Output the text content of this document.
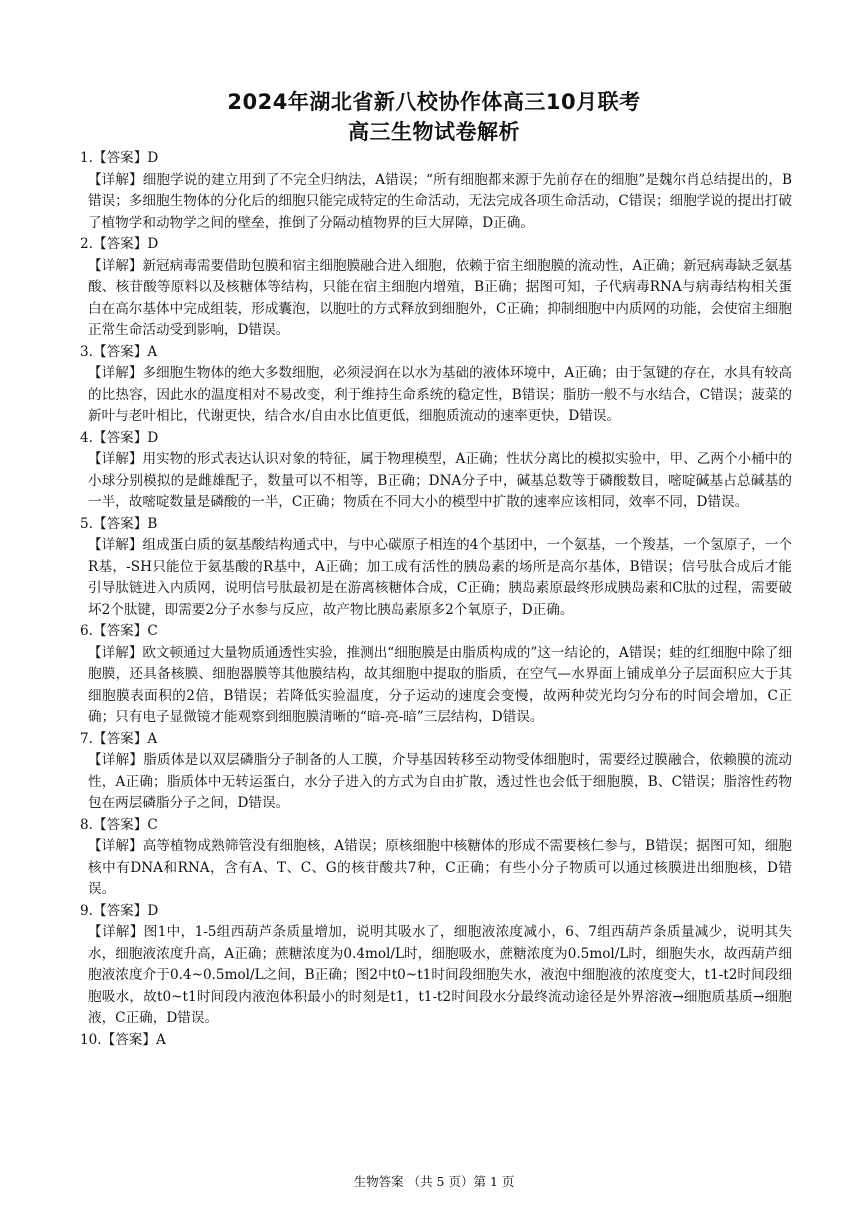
2024年湖北省新八校协作体高三10月联考
高三生物试卷解析
1.【答案】D
【详解】细胞学说的建立用到了不完全归纳法，A错误；“所有细胞都来源于先前存在的细胞”是魏尔肖总结提出的，B错误；多细胞生物体的分化后的细胞只能完成特定的生命活动，无法完成各项生命活动，C错误；细胞学说的提出打破了植物学和动物学之间的壁垒，推倒了分隔动植物界的巨大屏障，D正确。
2.【答案】D
【详解】新冠病毒需要借助包膜和宿主细胞膜融合进入细胞，依赖于宿主细胞膜的流动性，A正确；新冠病毒缺乏氨基酸、核苷酸等原料以及核糖体等结构，只能在宿主细胞内增殖，B正确；据图可知，子代病毒RNA与病毒结构相关蛋白在高尔基体中完成组装，形成囊泡，以胞吐的方式释放到细胞外，C正确；抑制细胞中内质网的功能，会使宿主细胞正常生命活动受到影响，D错误。
3.【答案】A
【详解】多细胞生物体的绝大多数细胞，必须浸润在以水为基础的液体环境中，A正确；由于氢键的存在，水具有较高的比热容，因此水的温度相对不易改变，利于维持生命系统的稳定性，B错误；脂肪一般不与水结合，C错误；菠菜的新叶与老叶相比，代谢更快，结合水/自由水比值更低，细胞质流动的速率更快，D错误。
4.【答案】D
【详解】用实物的形式表达认识对象的特征，属于物理模型，A正确；性状分离比的模拟实验中，甲、乙两个小桶中的小球分别模拟的是雌雄配子，数量可以不相等，B正确；DNA分子中，碱基总数等于磷酸数目，嘧啶碱基占总碱基的一半，故嘧啶数量是磷酸的一半，C正确；物质在不同大小的模型中扩散的速率应该相同，效率不同，D错误。
5.【答案】B
【详解】组成蛋白质的氨基酸结构通式中，与中心碳原子相连的4个基团中，一个氨基，一个羧基，一个氢原子，一个R基，-SH只能位于氨基酸的R基中，A正确；加工成有活性的胰岛素的场所是高尔基体，B错误；信号肽合成后才能引导肽链进入内质网，说明信号肽最初是在游离核糖体合成，C正确；胰岛素原最终形成胰岛素和C肽的过程，需要破坏2个肽键，即需要2分子水参与反应，故产物比胰岛素原多2个氧原子，D正确。
6.【答案】C
【详解】欧文顿通过大量物质通透性实验，推测出“细胞膜是由脂质构成的”这一结论的，A错误；蛙的红细胞中除了细胞膜，还具备核膜、细胞器膜等其他膜结构，故其细胞中提取的脂质，在空气—水界面上铺成单分子层面积应大于其细胞膜表面积的2倍，B错误；若降低实验温度，分子运动的速度会变慢，故两种荧光均匀分布的时间会增加，C正确；只有电子显微镜才能观察到细胞膜清晰的“暗-亮-暗”三层结构，D错误。
7.【答案】A
【详解】脂质体是以双层磷脂分子制备的人工膜，介导基因转移至动物受体细胞时，需要经过膜融合，依赖膜的流动性，A正确；脂质体中无转运蛋白，水分子进入的方式为自由扩散，透过性也会低于细胞膜，B、C错误；脂溶性药物包在两层磷脂分子之间，D错误。
8.【答案】C
【详解】高等植物成熟筛管没有细胞核，A错误；原核细胞中核糖体的形成不需要核仁参与，B错误；据图可知，细胞核中有DNA和RNA，含有A、T、C、G的核苷酸共7种，C正确；有些小分子物质可以通过核膜进出细胞核，D错误。
9.【答案】D
【详解】图1中，1-5组西葫芦条质量增加，说明其吸水了，细胞液浓度减小，6、7组西葫芦条质量减少，说明其失水，细胞液浓度升高，A正确；蔗糖浓度为0.4mol/L时，细胞吸水，蔗糖浓度为0.5mol/L时，细胞失水，故西葫芦细胞液浓度介于0.4~0.5mol/L之间，B正确；图2中t0~t1时间段细胞失水，液泡中细胞液的浓度变大，t1-t2时间段细胞吸水，故t0~t1时间段内液泡体积最小的时刻是t1，t1-t2时间段水分最终流动途径是外界溶液→细胞质基质→细胞液，C正确，D错误。
10.【答案】A
生物答案 （共 5 页）第 1 页
